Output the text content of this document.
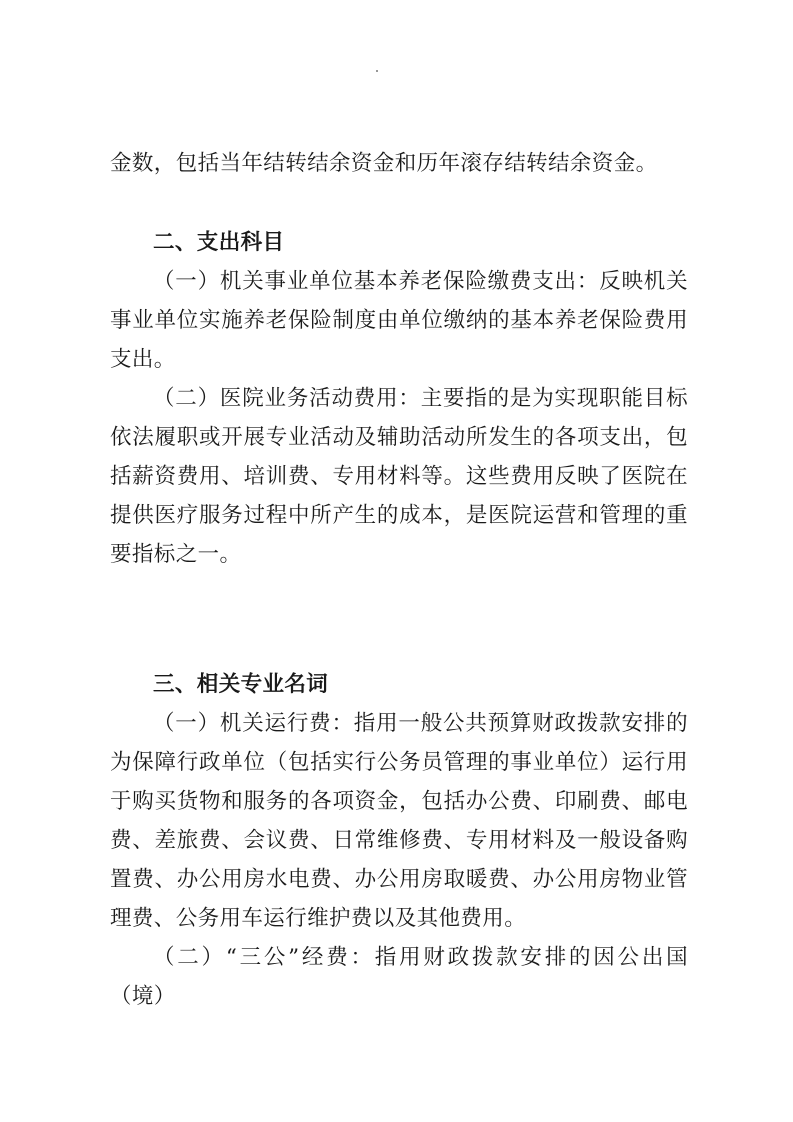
金数，包括当年结转结余资金和历年滚存结转结余资金。

二、支出科目

（一）机关事业单位基本养老保险缴费支出：反映机关事业单位实施养老保险制度由单位缴纳的基本养老保险费用支出。

（二）医院业务活动费用：主要指的是为实现职能目标依法履职或开展专业活动及辅助活动所发生的各项支出，包括薪资费用、培训费、专用材料等。这些费用反映了医院在提供医疗服务过程中所产生的成本，是医院运营和管理的重要指标之一。

三、相关专业名词

（一）机关运行费：指用一般公共预算财政拨款安排的为保障行政单位（包括实行公务员管理的事业单位）运行用于购买货物和服务的各项资金，包括办公费、印刷费、邮电费、差旅费、会议费、日常维修费、专用材料及一般设备购置费、办公用房水电费、办公用房取暖费、办公用房物业管理费、公务用车运行维护费以及其他费用。

（二）“三公”经费：指用财政拨款安排的因公出国（境）
